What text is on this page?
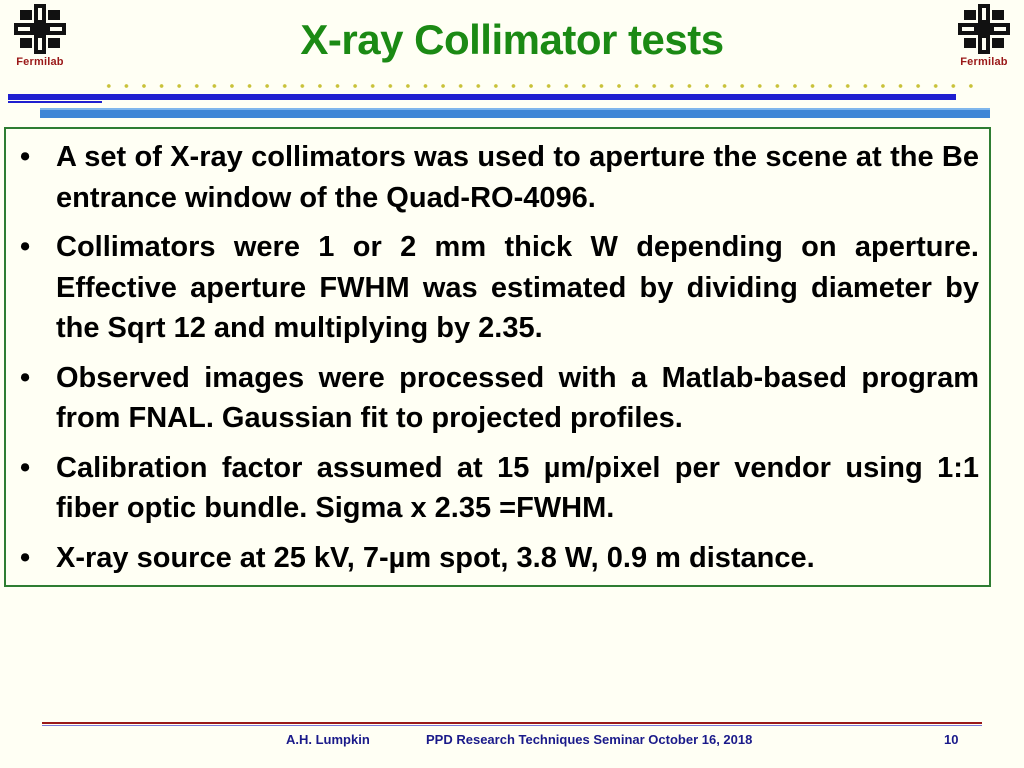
Fermilab	Fermilab
X-ray Collimator tests
• A set of X-ray collimators was used to aperture the scene at the Be entrance window of the Quad-RO-4096.
• Collimators were 1 or 2 mm thick W depending on aperture. Effective aperture FWHM was estimated by dividing diameter by the Sqrt 12 and multiplying by 2.35.
• Observed images were processed with a Matlab-based program from FNAL. Gaussian fit to projected profiles.
• Calibration factor assumed at 15 µm/pixel per vendor using 1:1 fiber optic bundle. Sigma x 2.35 =FWHM.
• X-ray source at 25 kV, 7-µm spot, 3.8 W, 0.9 m distance.
A.H. Lumpkin	PPD Research Techniques Seminar October 16, 2018	10
